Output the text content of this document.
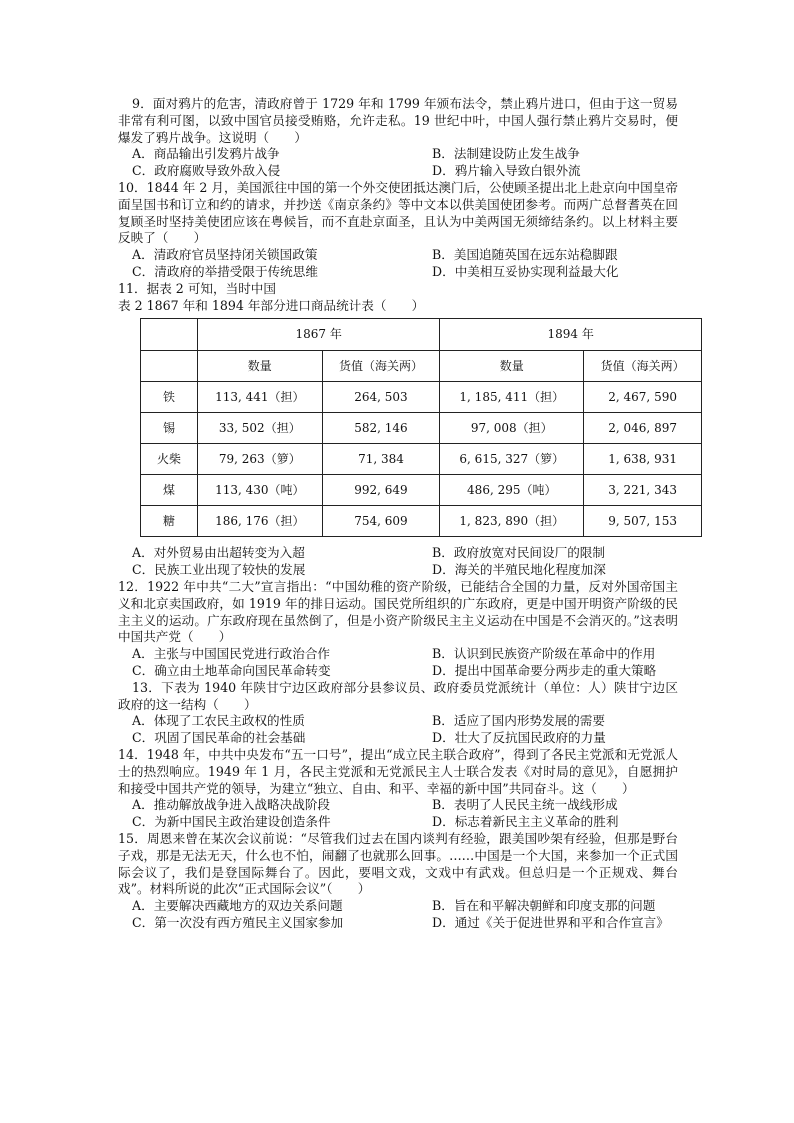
9．面对鸦片的危害，清政府曾于 1729 年和 1799 年颁布法令，禁止鸦片进口，但由于这一贸易非常有利可图，以致中国官员接受贿赂，允许走私。19 世纪中叶，中国人强行禁止鸦片交易时，便爆发了鸦片战争。这说明（　　）

A．商品输出引发鸦片战争	B．法制建设防止发生战争
C．政府腐败导致外敌入侵	D．鸦片输入导致白银外流

10．1844 年 2 月，美国派往中国的第一个外交使团抵达澳门后，公使顾圣提出北上赴京向中国皇帝面呈国书和订立和约的请求，并抄送《南京条约》等中文本以供美国使团参考。而两广总督耆英在回复顾圣时坚持美使团应该在粤候旨，而不直赴京面圣，且认为中美两国无须缔结条约。以上材料主要反映了（　　）

A．清政府官员坚持闭关锁国政策	B．美国追随英国在远东站稳脚跟
C．清政府的举措受限于传统思维	D．中美相互妥协实现利益最大化

11．据表 2 可知，当时中国

表 2 1867 年和 1894 年部分进口商品统计表（　　）

	1867 年		1894 年	
	数量	货值（海关两）	数量	货值（海关两）
铁	113, 441（担）	264, 503	1, 185, 411（担）	2, 467, 590
锡	33, 502（担）	582, 146	97, 008（担）	2, 046, 897
火柴	79, 263（箩）	71, 384	6, 615, 327（箩）	1, 638, 931
煤	113, 430（吨）	992, 649	486, 295（吨）	3, 221, 343
糖	186, 176（担）	754, 609	1, 823, 890（担）	9, 507, 153
A．对外贸易由出超转变为入超	B．政府放宽对民间设厂的限制
C．民族工业出现了较快的发展	D．海关的半殖民地化程度加深

12．1922 年中共“二大”宣言指出：“中国幼稚的资产阶级，已能结合全国的力量，反对外国帝国主义和北京卖国政府，如 1919 年的排日运动。国民党所组织的广东政府，更是中国开明资产阶级的民主主义的运动。广东政府现在虽然倒了，但是小资产阶级民主主义运动在中国是不会消灭的。”这表明中国共产党（　　）

A．主张与中国国民党进行政治合作	B．认识到民族资产阶级在革命中的作用
C．确立由土地革命向国民革命转变	D．提出中国革命要分两步走的重大策略

13．下表为 1940 年陕甘宁边区政府部分县参议员、政府委员党派统计（单位：人）陕甘宁边区政府的这一结构（　　）

A．体现了工农民主政权的性质	B．适应了国内形势发展的需要
C．巩固了国民革命的社会基础	D．壮大了反抗国民政府的力量

14．1948 年，中共中央发布“五一口号”，提出“成立民主联合政府”，得到了各民主党派和无党派人士的热烈响应。1949 年 1 月，各民主党派和无党派民主人士联合发表《对时局的意见》，自愿拥护和接受中国共产党的领导，为建立“独立、自由、和平、幸福的新中国”共同奋斗。这（　　）

A．推动解放战争进入战略决战阶段	B．表明了人民民主统一战线形成
C．为新中国民主政治建设创造条件	D．标志着新民主主义革命的胜利

15．周恩来曾在某次会议前说：“尽管我们过去在国内谈判有经验，跟美国吵架有经验，但那是野台子戏，那是无法无天，什么也不怕，闹翻了也就那么回事。……中国是一个大国，来参加一个正式国际会议了，我们是登国际舞台了。因此，要唱文戏，文戏中有武戏。但总归是一个正规戏、舞台戏”。材料所说的此次“正式国际会议”（　　）

A．主要解决西藏地方的双边关系问题	B．旨在和平解决朝鲜和印度支那的问题
C．第一次没有西方殖民主义国家参加	D．通过《关于促进世界和平和合作宣言》
